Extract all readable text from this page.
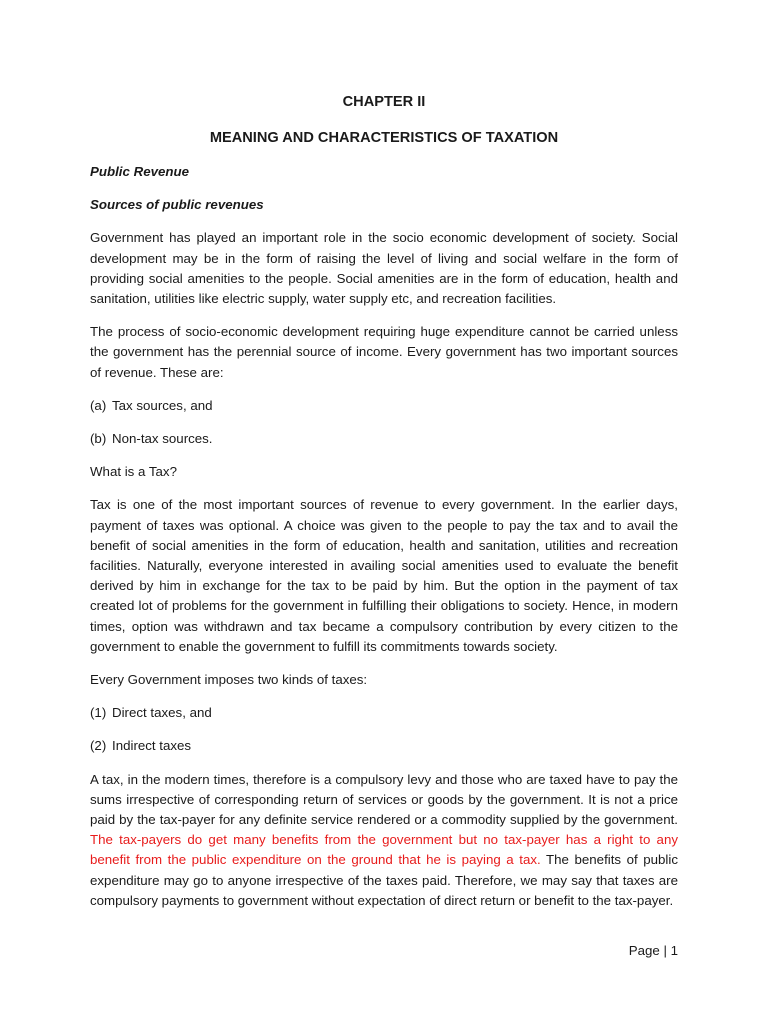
CHAPTER II
MEANING AND CHARACTERISTICS OF TAXATION
Public Revenue
Sources of public revenues

Government has played an important role in the socio economic development of society. Social development may be in the form of raising the level of living and social welfare in the form of providing social amenities to the people. Social amenities are in the form of education, health and sanitation, utilities like electric supply, water supply etc, and recreation facilities.

The process of socio-economic development requiring huge expenditure cannot be carried unless the government has the perennial source of income. Every government has two important sources of revenue. These are:

(a) Tax sources, and
(b) Non-tax sources.

What is a Tax?

Tax is one of the most important sources of revenue to every government. In the earlier days, payment of taxes was optional. A choice was given to the people to pay the tax and to avail the benefit of social amenities in the form of education, health and sanitation, utilities and recreation facilities. Naturally, everyone interested in availing social amenities used to evaluate the benefit derived by him in exchange for the tax to be paid by him. But the option in the payment of tax created lot of problems for the government in fulfilling their obligations to society. Hence, in modern times, option was withdrawn and tax became a compulsory contribution by every citizen to the government to enable the government to fulfill its commitments towards society.

Every Government imposes two kinds of taxes:

(1) Direct taxes, and
(2) Indirect taxes

A tax, in the modern times, therefore is a compulsory levy and those who are taxed have to pay the sums irrespective of corresponding return of services or goods by the government. It is not a price paid by the tax-payer for any definite service rendered or a commodity supplied by the government. The tax-payers do get many benefits from the government but no tax-payer has a right to any benefit from the public expenditure on the ground that he is paying a tax. The benefits of public expenditure may go to anyone irrespective of the taxes paid. Therefore, we may say that taxes are compulsory payments to government without expectation of direct return or benefit to the tax-payer.

Page | 1
